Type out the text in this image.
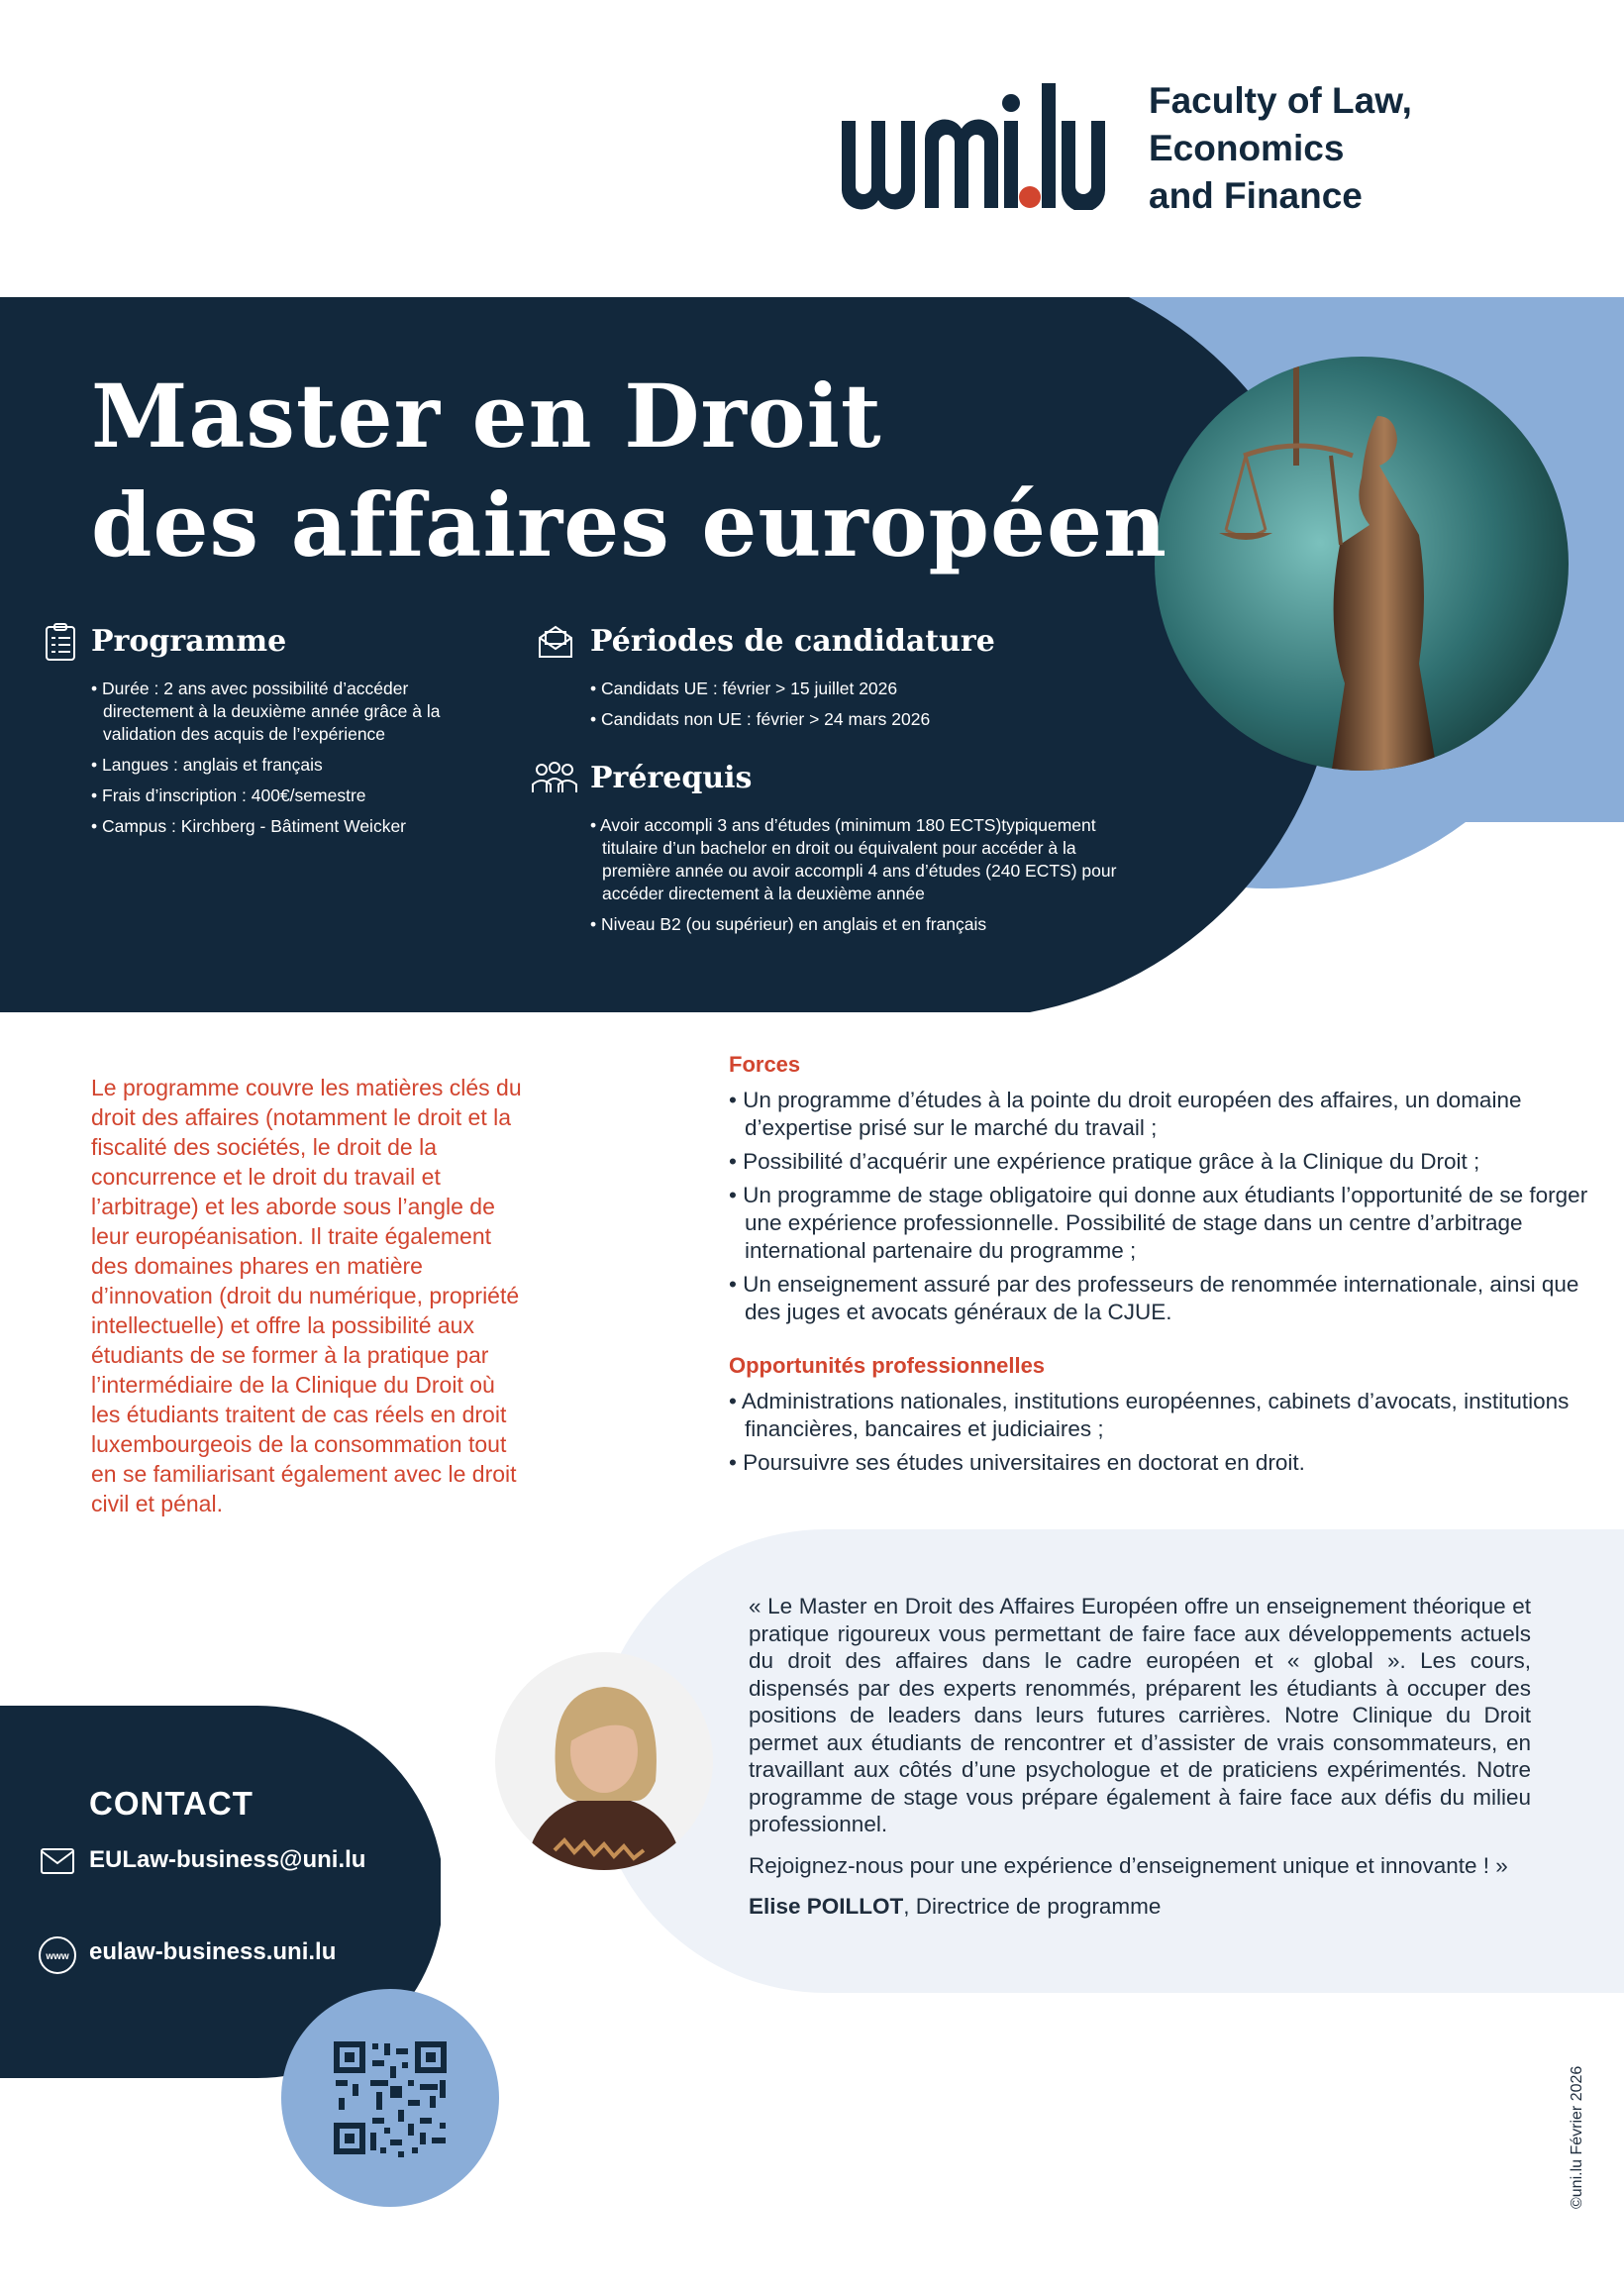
Faculty of Law,
Economics
and Finance
Master en Droit
des affaires européen
Programme
• Durée : 2 ans avec possibilité d’accéder directement à la deuxième année grâce à la validation des acquis de l’expérience
• Langues : anglais et français
• Frais d’inscription : 400€/semestre
• Campus : Kirchberg - Bâtiment Weicker
Périodes de candidature
• Candidats UE : février > 15 juillet 2026
• Candidats non UE : février > 24 mars 2026
Prérequis
• Avoir accompli 3 ans d’études (minimum 180 ECTS)typiquement titulaire d’un bachelor en droit ou équivalent pour accéder à la première année ou avoir accompli 4 ans d’études (240 ECTS) pour accéder directement à la deuxième année
• Niveau B2 (ou supérieur) en anglais et en français
Le programme couvre les matières clés du droit des affaires (notamment le droit et la fiscalité des sociétés, le droit de la concurrence et le droit du travail et l’arbitrage) et les aborde sous l’angle de leur européanisation. Il traite également des domaines phares en matière d’innovation (droit du numérique, propriété intellectuelle) et offre la possibilité aux étudiants de se former à la pratique par l’intermédiaire de la Clinique du Droit où les étudiants traitent de cas réels en droit luxembourgeois de la consommation tout en se familiarisant également avec le droit civil et pénal.
Forces
• Un programme d’études à la pointe du droit européen des affaires, un domaine d’expertise prisé sur le marché du travail ;
• Possibilité d’acquérir une expérience pratique grâce à la Clinique du Droit ;
• Un programme de stage obligatoire qui donne aux étudiants l’opportunité de se forger une expérience professionnelle. Possibilité de stage dans un centre d’arbitrage international partenaire du programme ;
• Un enseignement assuré par des professeurs de renommée internationale, ainsi que des juges et avocats généraux de la CJUE.
Opportunités professionnelles
• Administrations nationales, institutions européennes, cabinets d’avocats, institutions financières, bancaires et judiciaires ;
• Poursuivre ses études universitaires en doctorat en droit.

« Le Master en Droit des Affaires Européen offre un enseignement théorique et pratique rigoureux vous permettant de faire face aux développements actuels du droit des affaires dans le cadre européen et « global ». Les cours, dispensés par des experts renommés, préparent les étudiants à occuper des positions de leaders dans leurs futures carrières. Notre Clinique du Droit permet aux étudiants de rencontrer et d’assister de vrais consommateurs, en travaillant aux côtés d’une psychologue et de praticiens expérimentés. Notre programme de stage vous prépare également à faire face aux défis du milieu professionnel.

Rejoignez-nous pour une expérience d’enseignement unique et innovante ! »

Elise POILLOT, Directrice de programme

CONTACT
EULaw-business@uni.lu
www eulaw-business.uni.lu
©uni.lu Février 2026
